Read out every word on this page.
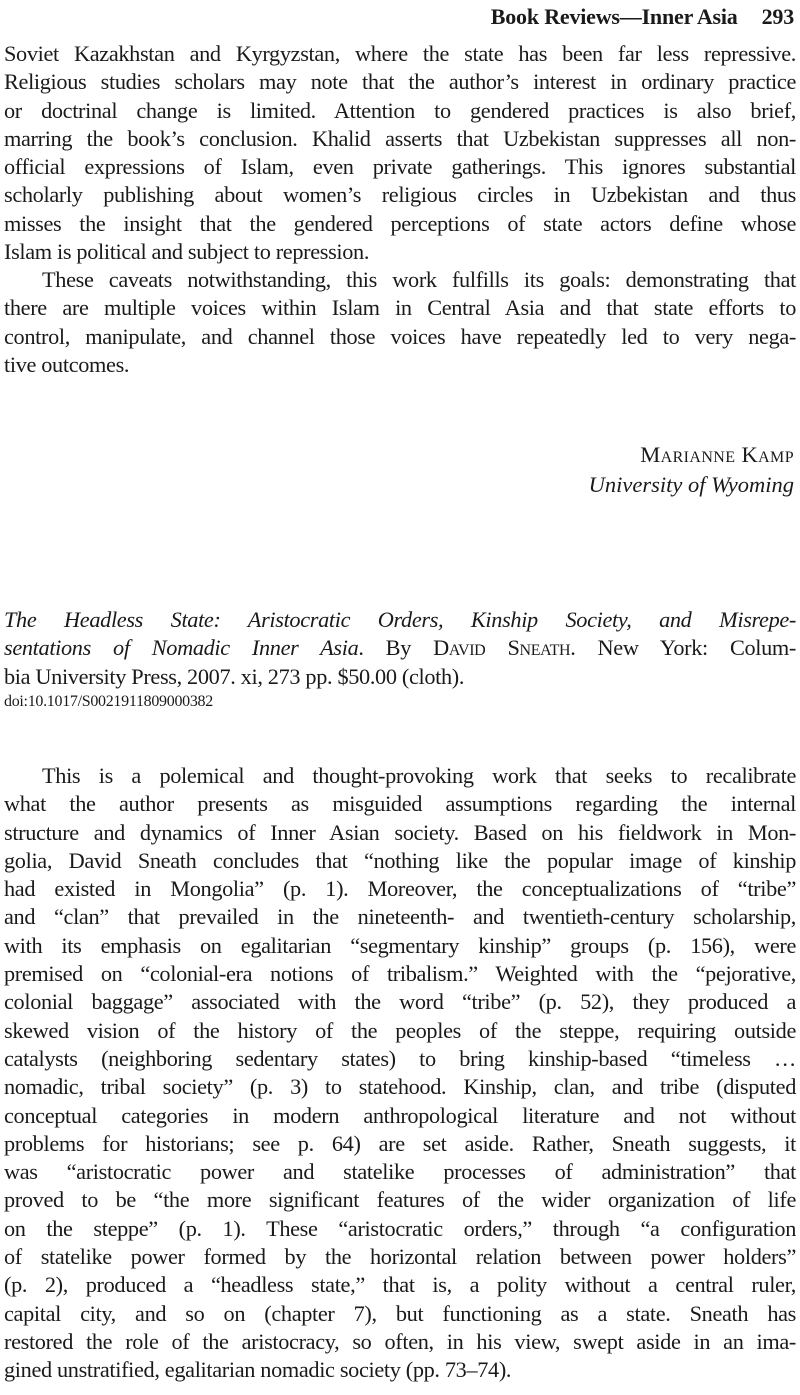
Book Reviews—Inner Asia 293
Soviet Kazakhstan and Kyrgyzstan, where the state has been far less repressive.
Religious studies scholars may note that the author’s interest in ordinary practice
or doctrinal change is limited. Attention to gendered practices is also brief,
marring the book’s conclusion. Khalid asserts that Uzbekistan suppresses all non-
official expressions of Islam, even private gatherings. This ignores substantial
scholarly publishing about women’s religious circles in Uzbekistan and thus
misses the insight that the gendered perceptions of state actors define whose
Islam is political and subject to repression.
These caveats notwithstanding, this work fulfills its goals: demonstrating that
there are multiple voices within Islam in Central Asia and that state efforts to
control, manipulate, and channel those voices have repeatedly led to very nega-
tive outcomes.
Marianne Kamp
University of Wyoming
The Headless State: Aristocratic Orders, Kinship Society, and Misrepe-
sentations of Nomadic Inner Asia. By David Sneath. New York: Colum-
bia University Press, 2007. xi, 273 pp. $50.00 (cloth).
doi:10.1017/S0021911809000382
This is a polemical and thought-provoking work that seeks to recalibrate
what the author presents as misguided assumptions regarding the internal
structure and dynamics of Inner Asian society. Based on his fieldwork in Mon-
golia, David Sneath concludes that “nothing like the popular image of kinship
had existed in Mongolia” (p. 1). Moreover, the conceptualizations of “tribe”
and “clan” that prevailed in the nineteenth- and twentieth-century scholarship,
with its emphasis on egalitarian “segmentary kinship” groups (p. 156), were
premised on “colonial-era notions of tribalism.” Weighted with the “pejorative,
colonial baggage” associated with the word “tribe” (p. 52), they produced a
skewed vision of the history of the peoples of the steppe, requiring outside
catalysts (neighboring sedentary states) to bring kinship-based “timeless …
nomadic, tribal society” (p. 3) to statehood. Kinship, clan, and tribe (disputed
conceptual categories in modern anthropological literature and not without
problems for historians; see p. 64) are set aside. Rather, Sneath suggests, it
was “aristocratic power and statelike processes of administration” that
proved to be “the more significant features of the wider organization of life
on the steppe” (p. 1). These “aristocratic orders,” through “a configuration
of statelike power formed by the horizontal relation between power holders”
(p. 2), produced a “headless state,” that is, a polity without a central ruler,
capital city, and so on (chapter 7), but functioning as a state. Sneath has
restored the role of the aristocracy, so often, in his view, swept aside in an ima-
gined unstratified, egalitarian nomadic society (pp. 73–74).
